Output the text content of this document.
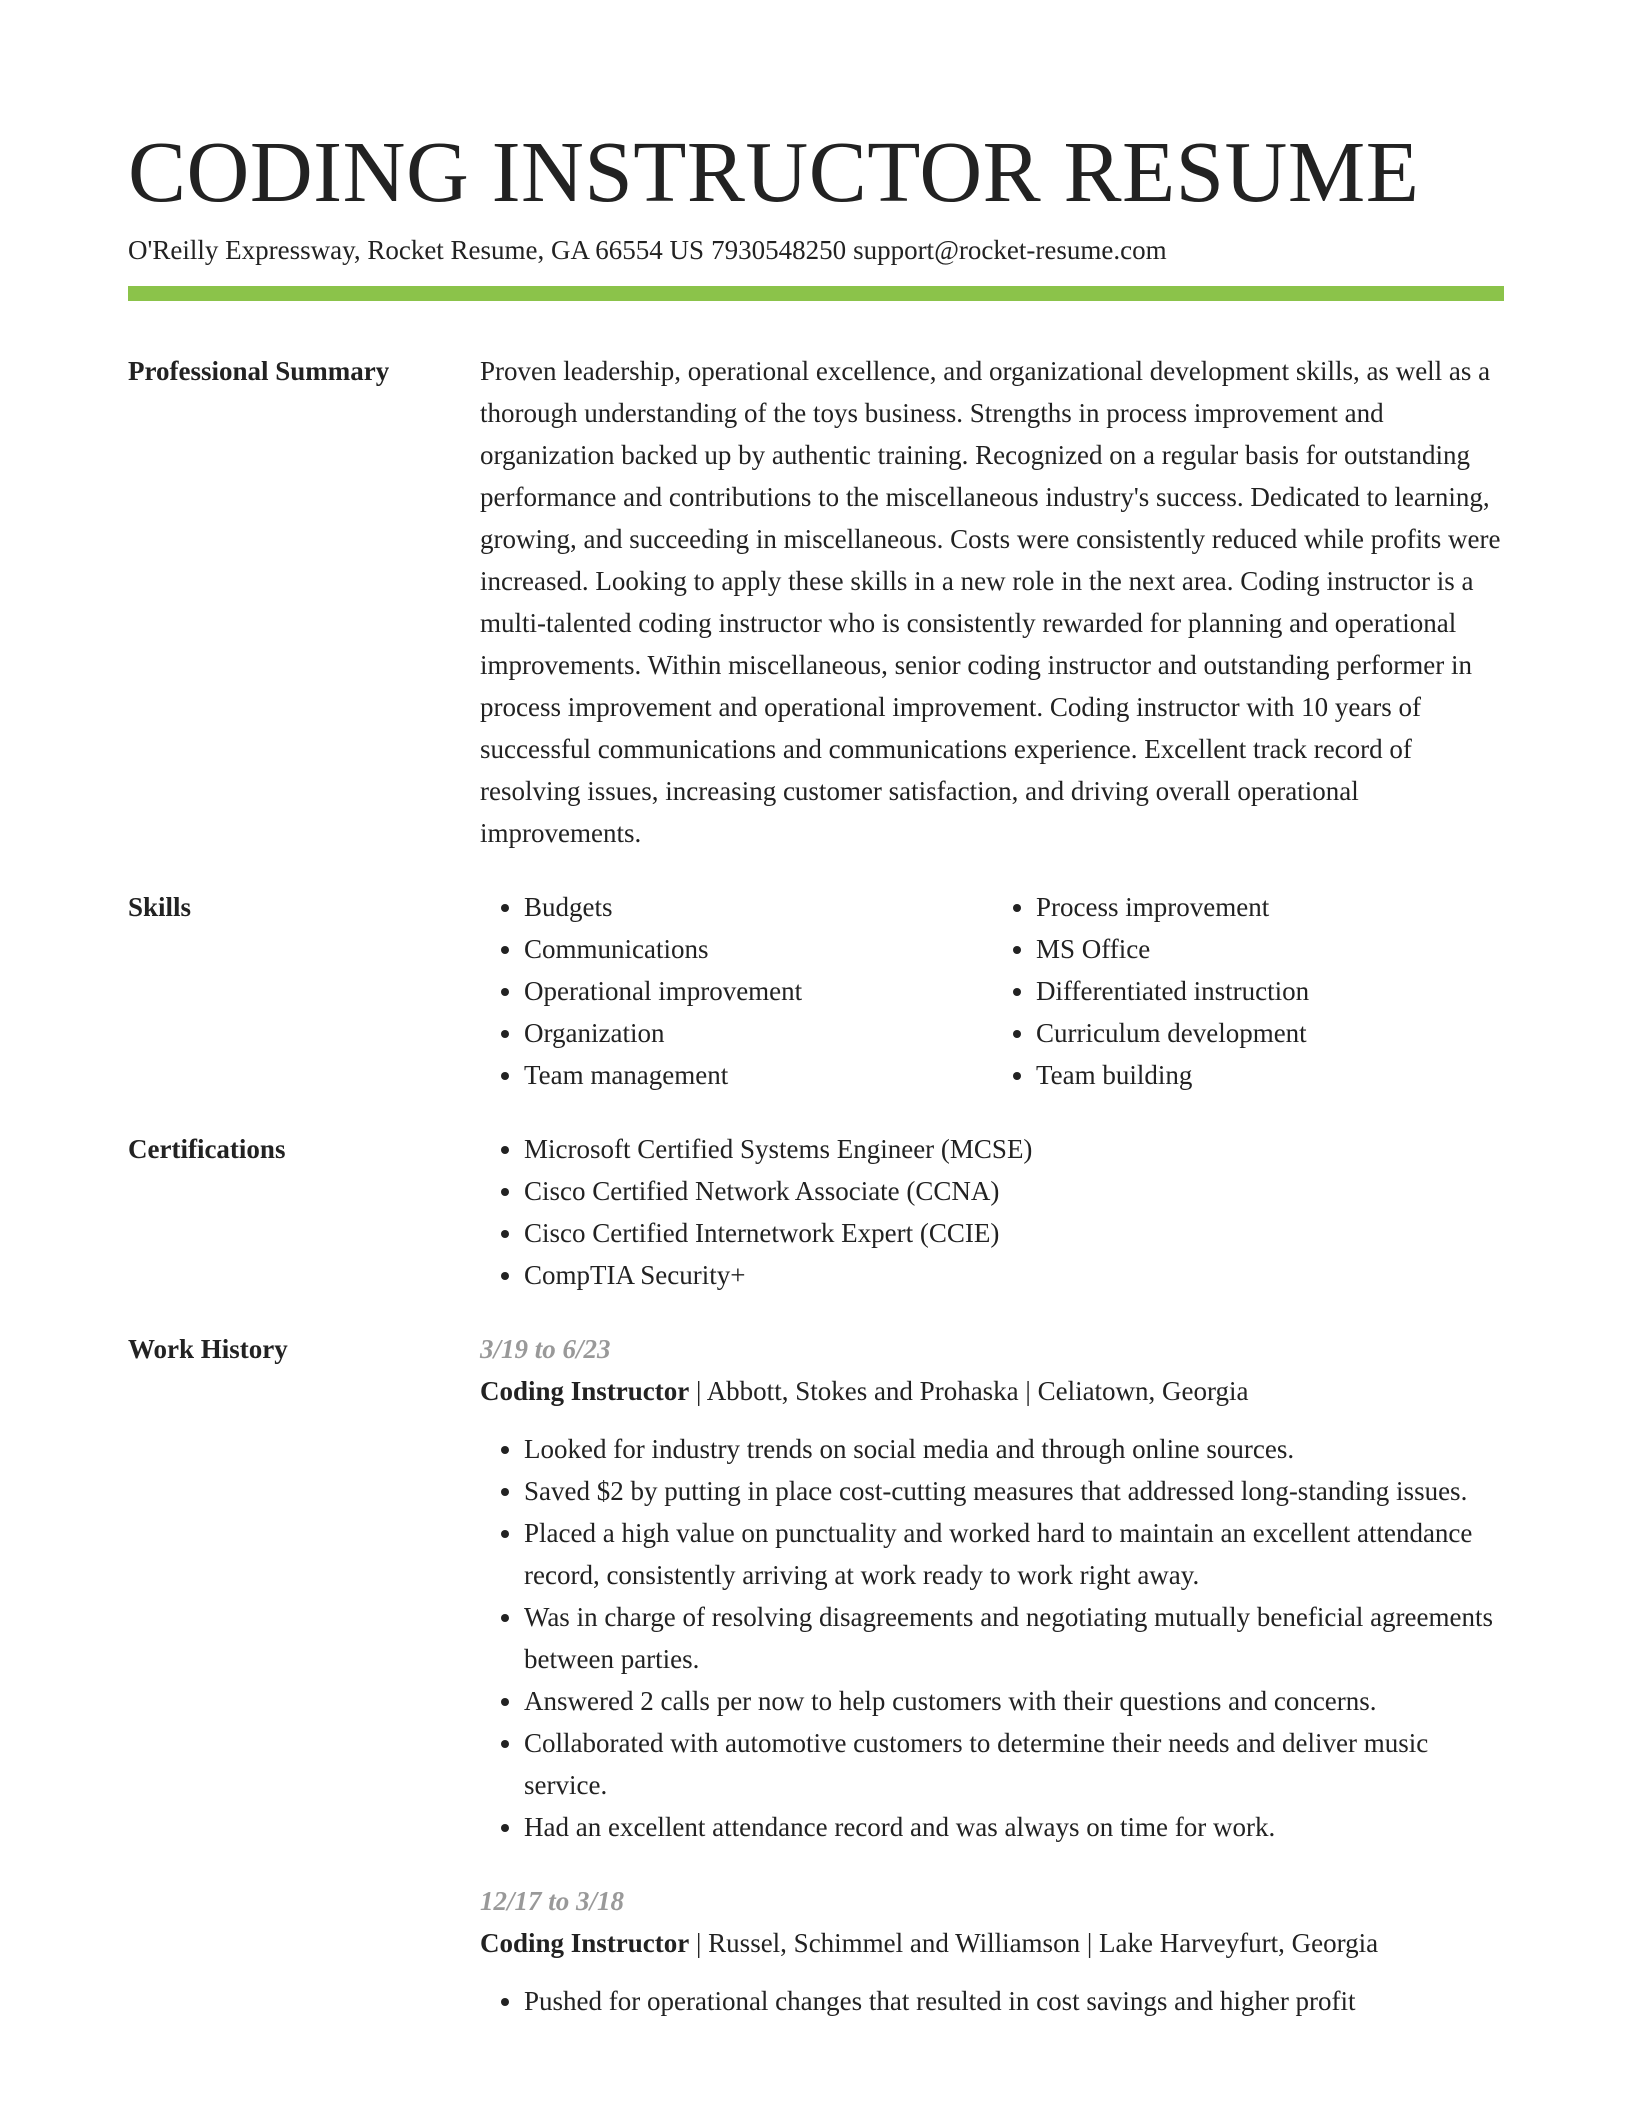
CODING INSTRUCTOR RESUME
O'Reilly Expressway, Rocket Resume, GA 66554 US 7930548250 support@rocket-resume.com
Professional Summary	Proven leadership, operational excellence, and organizational development skills, as well as a thorough understanding of the toys business. Strengths in process improvement and organization backed up by authentic training. Recognized on a regular basis for outstanding performance and contributions to the miscellaneous industry's success. Dedicated to learning, growing, and succeeding in miscellaneous. Costs were consistently reduced while profits were increased. Looking to apply these skills in a new role in the next area. Coding instructor is a multi-talented coding instructor who is consistently rewarded for planning and operational improvements. Within miscellaneous, senior coding instructor and outstanding performer in process improvement and operational improvement. Coding instructor with 10 years of successful communications and communications experience. Excellent track record of resolving issues, increasing customer satisfaction, and driving overall operational improvements.

Skills	• Budgets
• Communications
• Operational improvement
• Organization
• Team management
• Process improvement
• MS Office
• Differentiated instruction
• Curriculum development
• Team building
Certifications	• Microsoft Certified Systems Engineer (MCSE)
• Cisco Certified Network Associate (CCNA)
• Cisco Certified Internetwork Expert (CCIE)
• CompTIA Security+
Work History	3/19 to 6/23
Coding Instructor | Abbott, Stokes and Prohaska | Celiatown, Georgia
• Looked for industry trends on social media and through online sources.
• Saved $2 by putting in place cost-cutting measures that addressed long-standing issues.
• Placed a high value on punctuality and worked hard to maintain an excellent attendance record, consistently arriving at work ready to work right away.
• Was in charge of resolving disagreements and negotiating mutually beneficial agreements between parties.
• Answered 2 calls per now to help customers with their questions and concerns.
• Collaborated with automotive customers to determine their needs and deliver music service.
• Had an excellent attendance record and was always on time for work.
12/17 to 3/18
Coding Instructor | Russel, Schimmel and Williamson | Lake Harveyfurt, Georgia
• Pushed for operational changes that resulted in cost savings and higher profit
